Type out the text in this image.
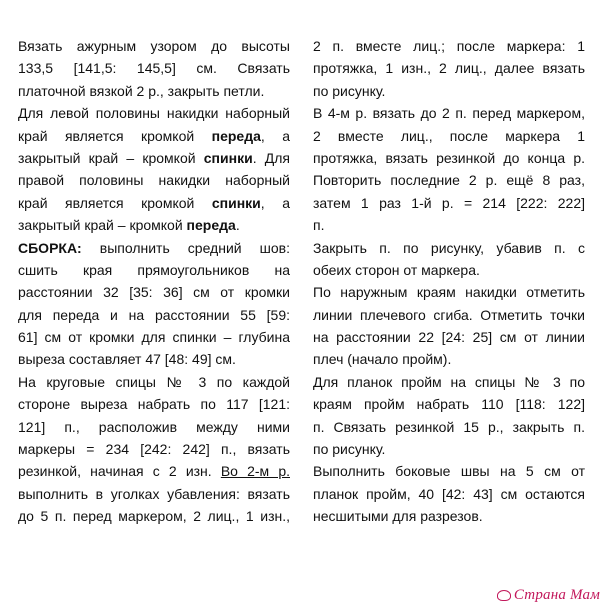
Вязать ажурным узором до высоты
133,5 [141,5: 145,5] см. Связать
платочной вязкой 2 р., закрыть петли.
Для левой половины накидки наборный
край является кромкой переда, а
закрытый край – кромкой спинки. Для
правой половины накидки наборный
край является кромкой спинки, а
закрытый край – кромкой переда.
СБОРКА: выполнить средний шов:
сшить края прямоугольников на
расстоянии 32 [35: 36] см от кромки
для переда и на расстоянии 55 [59:
61] см от кромки для спинки – глубина
выреза составляет 47 [48: 49] см.
На круговые спицы № 3 по каждой
стороне выреза набрать по 117 [121:
121] п., расположив между ними
маркеры = 234 [242: 242] п., вязать
резинкой, начиная с 2 изн. Во 2-м р.
выполнить в уголках убавления: вязать
до 5 п. перед маркером, 2 лиц., 1 изн.,
2 п. вместе лиц.; после маркера: 1
протяжка, 1 изн., 2 лиц., далее вязать
по рисунку.
В 4-м р. вязать до 2 п. перед маркером,
2 вместе лиц., после маркера 1
протяжка, вязать резинкой до конца р.
Повторить последние 2 р. ещё 8 раз,
затем 1 раз 1-й р. = 214 [222: 222]
п.
Закрыть п. по рисунку, убавив п. с
обеих сторон от маркера.
По наружным краям накидки отметить
линии плечевого сгиба. Отметить точки
на расстоянии 22 [24: 25] см от линии
плеч (начало пройм).
Для планок пройм на спицы № 3 по
краям пройм набрать 110 [118: 122]
п. Связать резинкой 15 р., закрыть п.
по рисунку.
Выполнить боковые швы на 5 см от
планок пройм, 40 [42: 43] см остаются
несшитыми для разрезов.
Страна Мам
